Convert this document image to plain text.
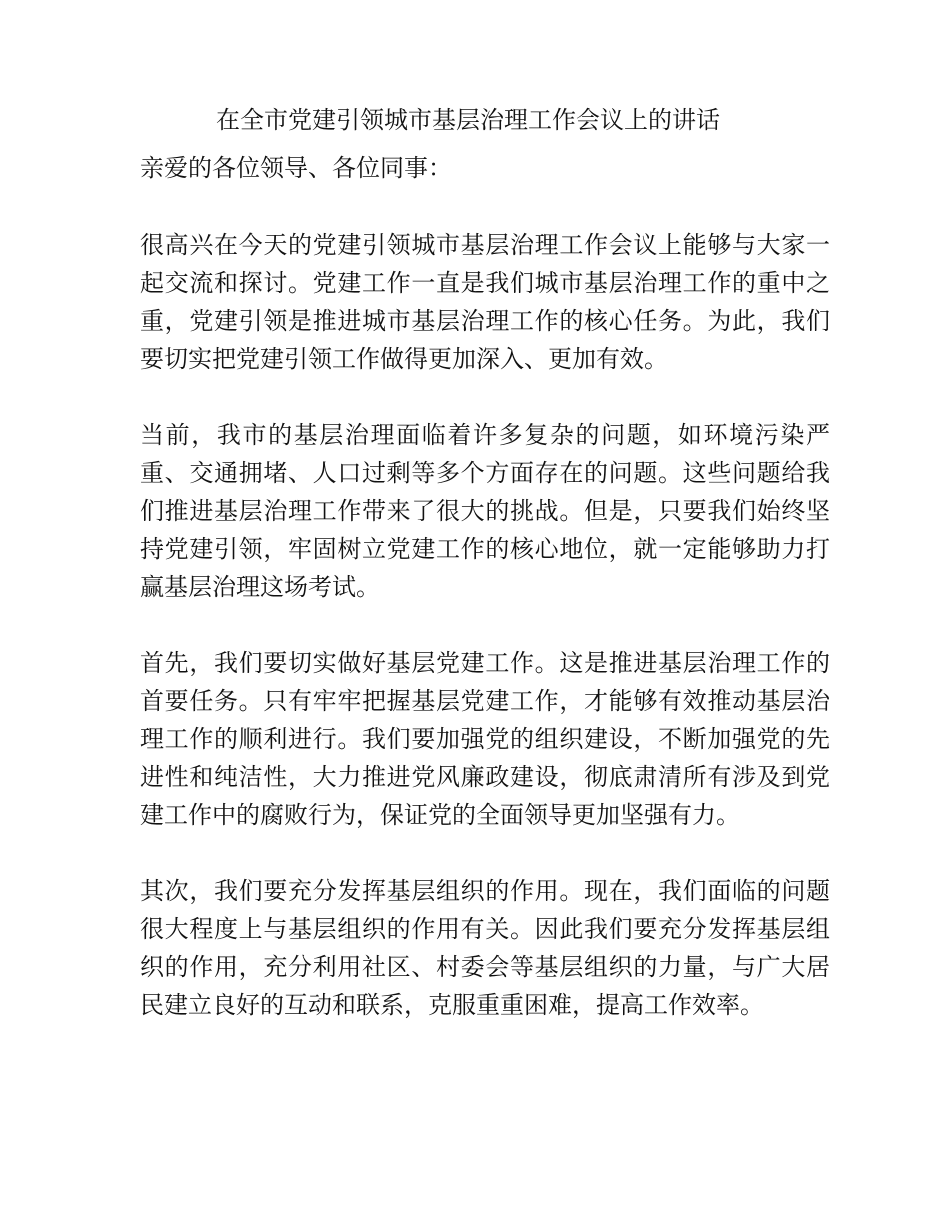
在全市党建引领城市基层治理工作会议上的讲话

亲爱的各位领导、各位同事：

很高兴在今天的党建引领城市基层治理工作会议上能够与大家一起交流和探讨。党建工作一直是我们城市基层治理工作的重中之重，党建引领是推进城市基层治理工作的核心任务。为此，我们要切实把党建引领工作做得更加深入、更加有效。

当前，我市的基层治理面临着许多复杂的问题，如环境污染严重、交通拥堵、人口过剩等多个方面存在的问题。这些问题给我们推进基层治理工作带来了很大的挑战。但是，只要我们始终坚持党建引领，牢固树立党建工作的核心地位，就一定能够助力打赢基层治理这场考试。

首先，我们要切实做好基层党建工作。这是推进基层治理工作的首要任务。只有牢牢把握基层党建工作，才能够有效推动基层治理工作的顺利进行。我们要加强党的组织建设，不断加强党的先进性和纯洁性，大力推进党风廉政建设，彻底肃清所有涉及到党建工作中的腐败行为，保证党的全面领导更加坚强有力。

其次，我们要充分发挥基层组织的作用。现在，我们面临的问题很大程度上与基层组织的作用有关。因此我们要充分发挥基层组织的作用，充分利用社区、村委会等基层组织的力量，与广大居民建立良好的互动和联系，克服重重困难，提高工作效率。
